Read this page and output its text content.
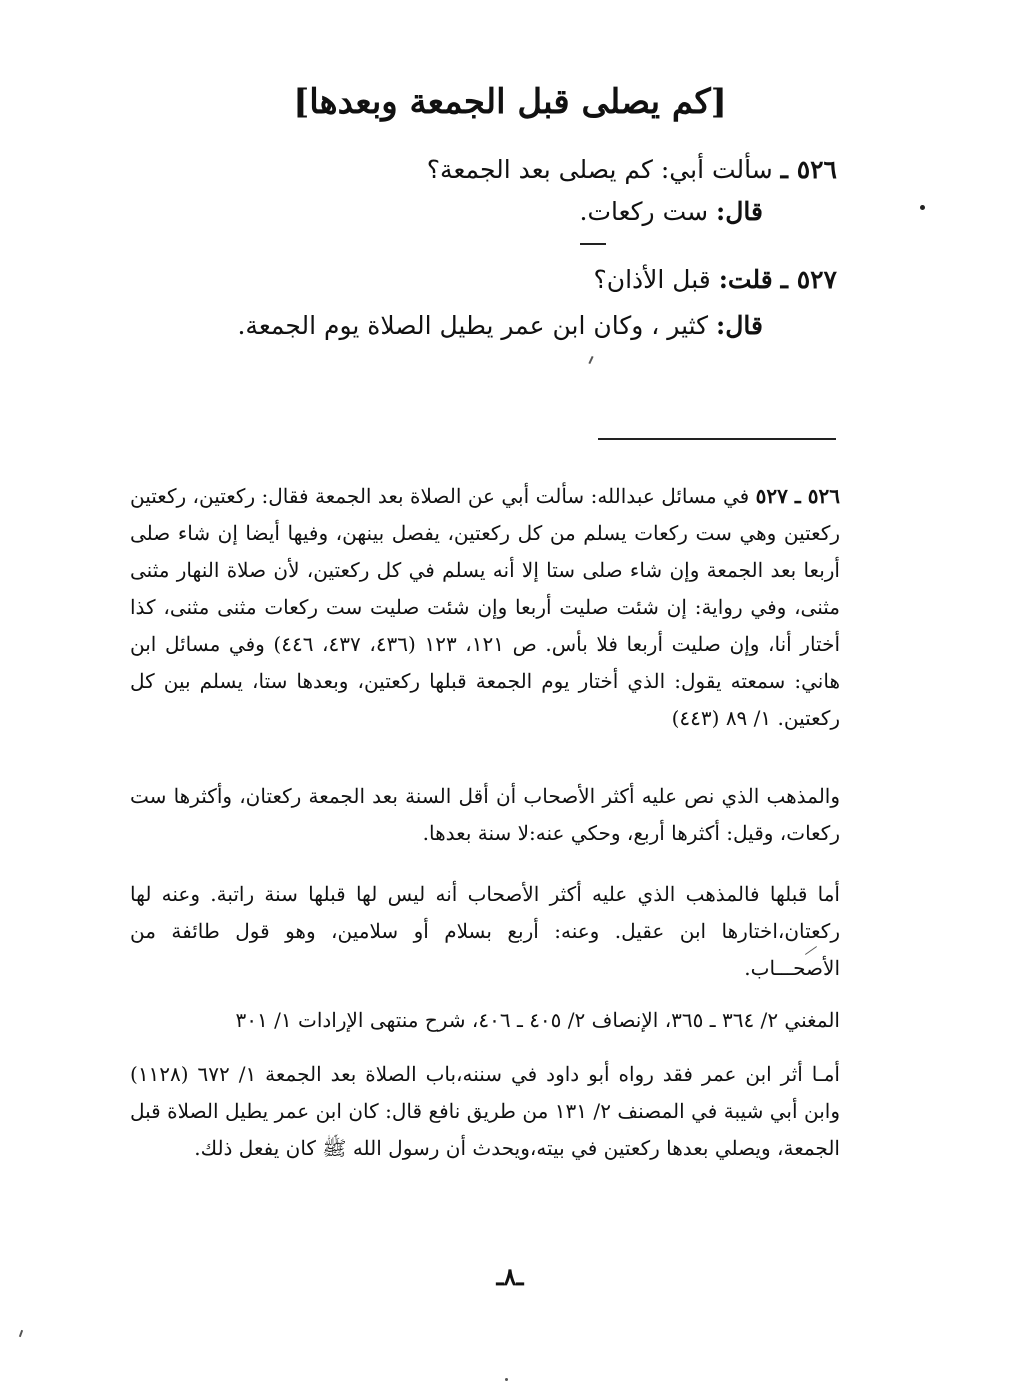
[كم يصلى قبل الجمعة وبعدها]
٥٢٦ ـ سألت أبي: كم يصلى بعد الجمعة؟
قال: ست ركعات.
٥٢٧ ـ قلت: قبل الأذان؟
قال: كثير ، وكان ابن عمر يطيل الصلاة يوم الجمعة.

٥٢٦ ـ ٥٢٧ في مسائل عبدالله: سألت أبي عن الصلاة بعد الجمعة فقال: ركعتين، ركعتين ركعتين وهي ست ركعات يسلم من كل ركعتين، يفصل بينهن، وفيها أيضا إن شاء صلى أربعا بعد الجمعة وإن شاء صلى ستا إلا أنه يسلم في كل ركعتين، لأن صلاة النهار مثنى مثنى، وفي رواية: إن شئت صليت أربعا وإن شئت صليت ست ركعات مثنى مثنى، كذا أختار أنا، وإن صليت أربعا فلا بأس. ص ١٢١، ١٢٣ (٤٣٦، ٤٣٧، ٤٤٦) وفي مسائل ابن هاني: سمعته يقول: الذي أختار يوم الجمعة قبلها ركعتين، وبعدها ستا، يسلم بين كل ركعتين. ١/ ٨٩ (٤٤٣)

والمذهب الذي نص عليه أكثر الأصحاب أن أقل السنة بعد الجمعة ركعتان، وأكثرها ست ركعات، وقيل: أكثرها أربع، وحكي عنه:لا سنة بعدها.

أما قبلها فالمذهب الذي عليه أكثر الأصحاب أنه ليس لها قبلها سنة راتبة. وعنه لها ركعتان،اختارها ابن عقيل. وعنه: أربع بسلام أو سلامين، وهو قول طائفة من الأصحـــاب.

المغني ٢/ ٣٦٤ ـ ٣٦٥، الإنصاف ٢/ ٤٠٥ ـ ٤٠٦، شرح منتهى الإرادات ١/ ٣٠١

أمـا أثر ابن عمر فقد رواه أبو داود في سننه،باب الصلاة بعد الجمعة ١/ ٦٧٢ (١١٢٨) وابن أبي شيبة في المصنف ٢/ ١٣١ من طريق نافع قال: كان ابن عمر يطيل الصلاة قبل الجمعة، ويصلي بعدها ركعتين في بيته،ويحدث أن رسول الله ﷺ كان يفعل ذلك.

ـ٨ـ
